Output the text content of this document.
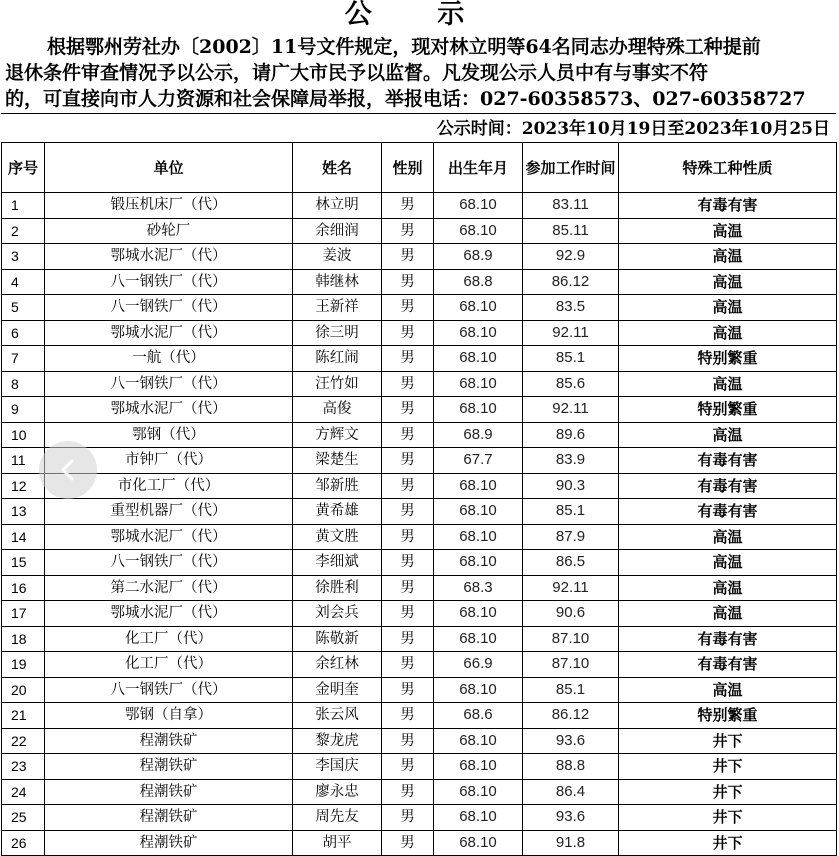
公 示
根据鄂州劳社办〔2002〕11号文件规定，现对林立明等64名同志办理特殊工种提前
退休条件审查情况予以公示，请广大市民予以监督。凡发现公示人员中有与事实不符
的，可直接向市人力资源和社会保障局举报，举报电话：027-60358573、027-60358727
公示时间：2023年10月19日至2023年10月25日
序号	单位	姓名	性别	出生年月	参加工作时间	特殊工种性质
1	锻压机床厂（代）	林立明	男	68.10	83.11	有毒有害
2	砂轮厂	余细润	男	68.10	85.11	高温
3	鄂城水泥厂（代）	姜波	男	68.9	92.9	高温
4	八一钢铁厂（代）	韩继林	男	68.8	86.12	高温
5	八一钢铁厂（代）	王新祥	男	68.10	83.5	高温
6	鄂城水泥厂（代）	徐三明	男	68.10	92.11	高温
7	一航（代）	陈红闹	男	68.10	85.1	特别繁重
8	八一钢铁厂（代）	汪竹如	男	68.10	85.6	高温
9	鄂城水泥厂（代）	高俊	男	68.10	92.11	特别繁重
10	鄂钢（代）	方辉文	男	68.9	89.6	高温
11	市钟厂（代）	梁楚生	男	67.7	83.9	有毒有害
12	市化工厂（代）	邹新胜	男	68.10	90.3	有毒有害
13	重型机器厂（代）	黄希雄	男	68.10	85.1	有毒有害
14	鄂城水泥厂（代）	黄文胜	男	68.10	87.9	高温
15	八一钢铁厂（代）	李细斌	男	68.10	86.5	高温
16	第二水泥厂（代）	徐胜利	男	68.3	92.11	高温
17	鄂城水泥厂（代）	刘会兵	男	68.10	90.6	高温
18	化工厂（代）	陈敬新	男	68.10	87.10	有毒有害
19	化工厂（代）	余红林	男	66.9	87.10	有毒有害
20	八一钢铁厂（代）	金明奎	男	68.10	85.1	高温
21	鄂钢（自拿）	张云风	男	68.6	86.12	特别繁重
22	程潮铁矿	黎龙虎	男	68.10	93.6	井下
23	程潮铁矿	李国庆	男	68.10	88.8	井下
24	程潮铁矿	廖永忠	男	68.10	86.4	井下
25	程潮铁矿	周先友	男	68.10	93.6	井下
26	程潮铁矿	胡平	男	68.10	91.8	井下
